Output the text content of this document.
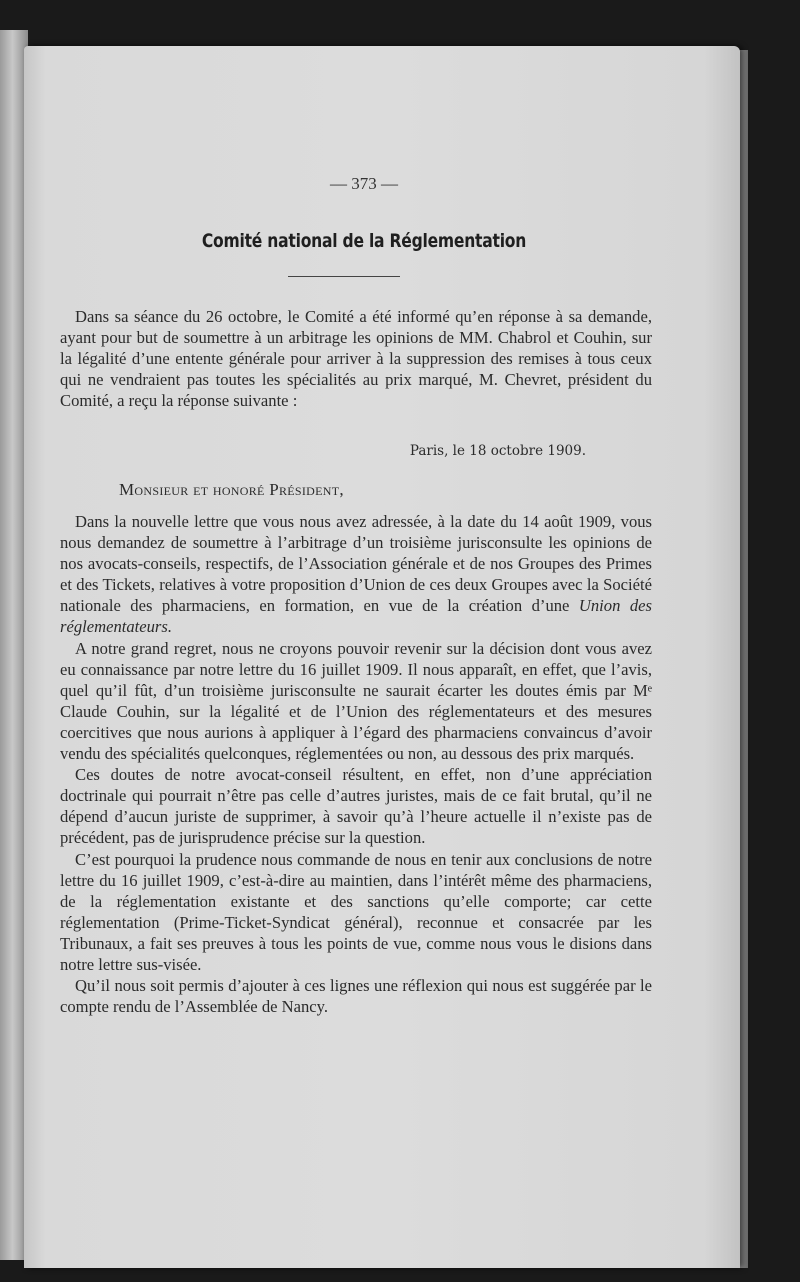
— 373 —
Comité national de la Réglementation

Dans sa séance du 26 octobre, le Comité a été informé qu’en réponse à sa demande, ayant pour but de soumettre à un arbitrage les opinions de MM. Chabrol et Couhin, sur la légalité d’une entente générale pour arriver à la suppression des remises à tous ceux qui ne vendraient pas toutes les spécialités au prix marqué, M. Chevret, président du Comité, a reçu la réponse suivante :

Paris, le 18 octobre 1909.
Monsieur et honoré Président,

Dans la nouvelle lettre que vous nous avez adressée, à la date du 14 août 1909, vous nous demandez de soumettre à l’arbitrage d’un troisième jurisconsulte les opinions de nos avocats-conseils, respectifs, de l’Association générale et de nos Groupes des Primes et des Tickets, relatives à votre proposition d’Union de ces deux Groupes avec la Société nationale des pharmaciens, en formation, en vue de la création d’une Union des réglementateurs.

A notre grand regret, nous ne croyons pouvoir revenir sur la décision dont vous avez eu connaissance par notre lettre du 16 juillet 1909. Il nous apparaît, en effet, que l’avis, quel qu’il fût, d’un troisième jurisconsulte ne saurait écarter les doutes émis par Mᵉ Claude Couhin, sur la légalité et de l’Union des réglementateurs et des mesures coercitives que nous aurions à appliquer à l’égard des pharmaciens convaincus d’avoir vendu des spécialités quelconques, réglementées ou non, au dessous des prix marqués.

Ces doutes de notre avocat-conseil résultent, en effet, non d’une appréciation doctrinale qui pourrait n’être pas celle d’autres juristes, mais de ce fait brutal, qu’il ne dépend d’aucun juriste de supprimer, à savoir qu’à l’heure actuelle il n’existe pas de précédent, pas de jurisprudence précise sur la question.

C’est pourquoi la prudence nous commande de nous en tenir aux conclusions de notre lettre du 16 juillet 1909, c’est-à-dire au maintien, dans l’intérêt même des pharmaciens, de la réglementation existante et des sanctions qu’elle comporte; car cette réglementation (Prime-Ticket-Syndicat général), reconnue et consacrée par les Tribunaux, a fait ses preuves à tous les points de vue, comme nous vous le disions dans notre lettre sus-visée.

Qu’il nous soit permis d’ajouter à ces lignes une réflexion qui nous est suggérée par le compte rendu de l’Assemblée de Nancy.
